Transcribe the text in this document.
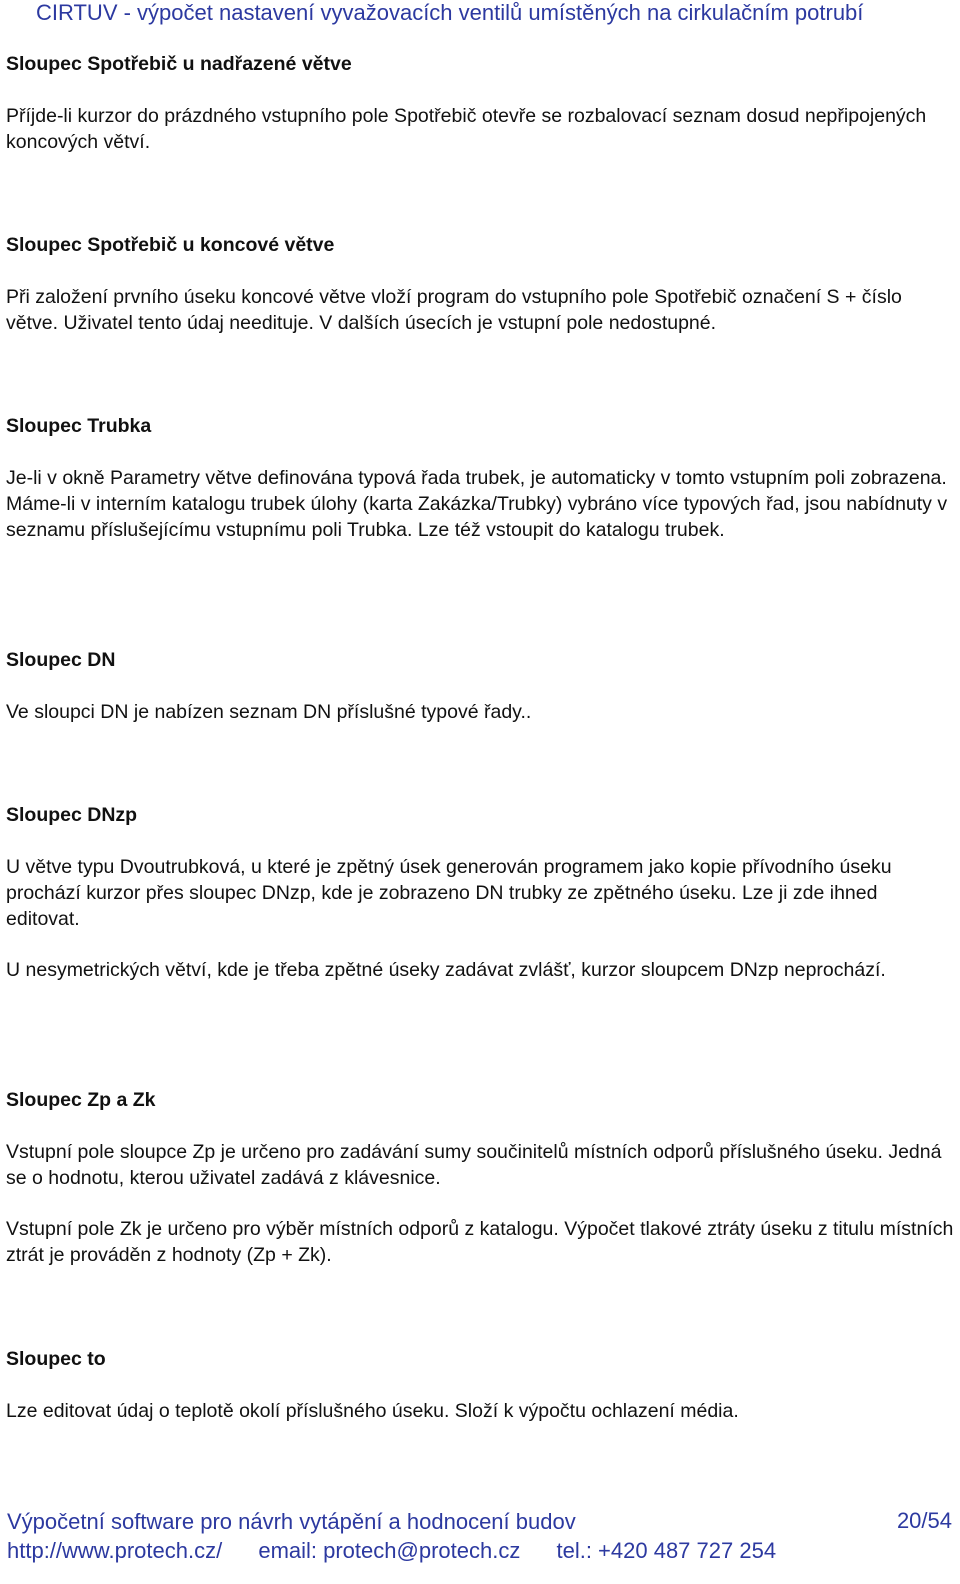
CIRTUV - výpočet nastavení vyvažovacích ventilů umístěných na cirkulačním potrubí
Sloupec Spotřebič u nadřazené větve
Příjde-li kurzor do prázdného vstupního pole Spotřebič otevře se rozbalovací seznam dosud nepřipojených koncových větví.
Sloupec Spotřebič u koncové větve
Při založení prvního úseku koncové větve vloží program do vstupního pole Spotřebič označení S + číslo větve. Uživatel tento údaj needituje. V dalších úsecích je vstupní pole nedostupné.
Sloupec Trubka
Je-li v okně Parametry větve definována typová řada trubek, je automaticky v tomto vstupním poli zobrazena. Máme-li v interním katalogu trubek úlohy (karta Zakázka/Trubky) vybráno více typových řad, jsou nabídnuty v seznamu příslušejícímu vstupnímu poli Trubka. Lze též vstoupit do katalogu trubek.
Sloupec DN
Ve sloupci DN je nabízen seznam DN příslušné typové řady..
Sloupec DNzp
U větve typu Dvoutrubková, u které je zpětný úsek generován programem jako kopie přívodního úseku prochází kurzor přes sloupec DNzp, kde je zobrazeno DN trubky ze zpětného úseku. Lze ji zde ihned editovat.
U nesymetrických větví, kde je třeba zpětné úseky zadávat zvlášť, kurzor sloupcem DNzp neprochází.
Sloupec Zp a Zk
Vstupní pole sloupce Zp je určeno pro zadávání sumy součinitelů místních odporů příslušného úseku. Jedná se o hodnotu, kterou uživatel zadává z klávesnice.
Vstupní pole Zk je určeno pro výběr místních odporů z katalogu. Výpočet tlakové ztráty úseku z titulu místních ztrát je prováděn z hodnoty (Zp + Zk).
Sloupec to
Lze editovat údaj o teplotě okolí příslušného úseku. Složí k výpočtu ochlazení média.
Výpočetní software pro návrh vytápění a hodnocení budov
http://www.protech.cz/ email: protech@protech.cz tel.: +420 487 727 254
20/54
